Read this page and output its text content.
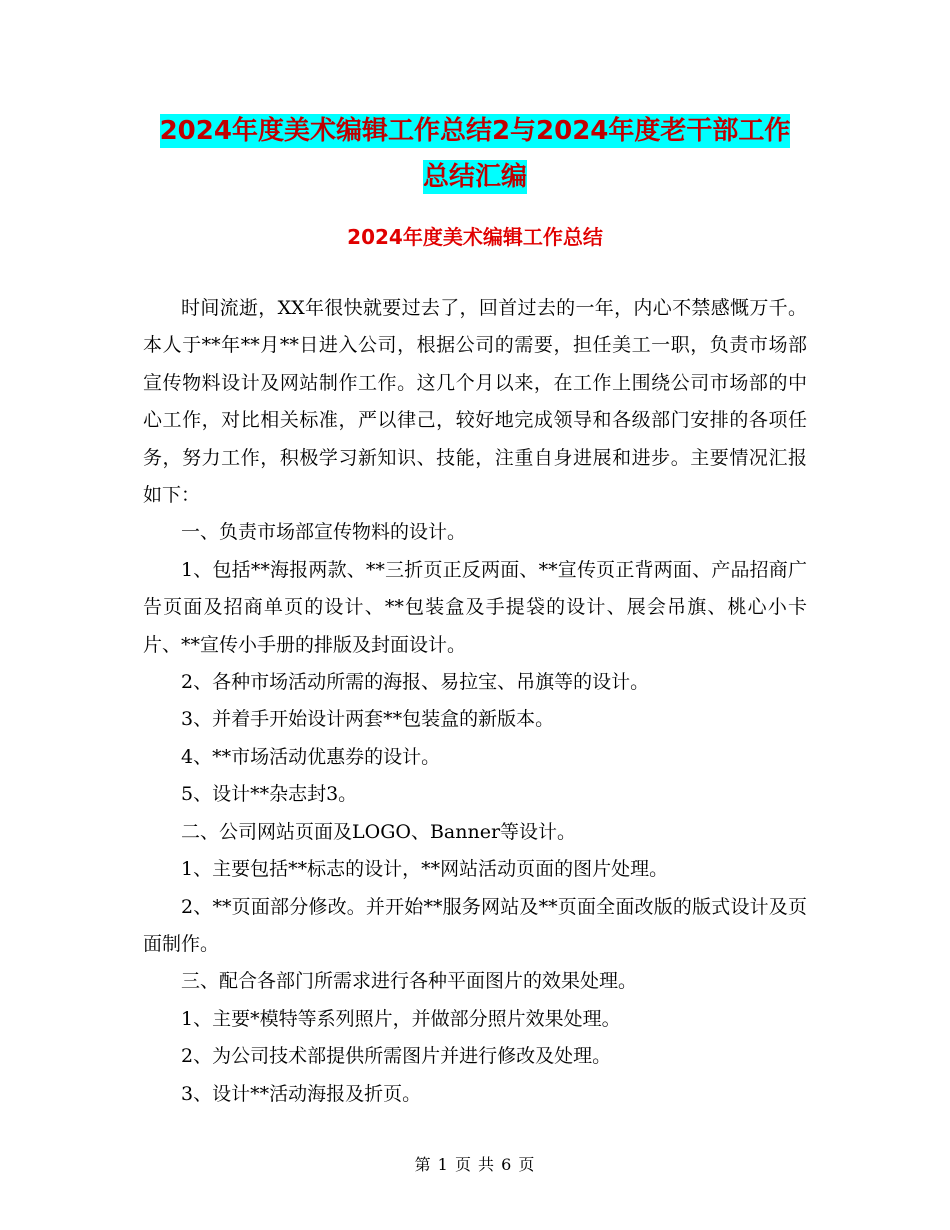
2024年度美术编辑工作总结2与2024年度老干部工作
总结汇编
2024年度美术编辑工作总结

时间流逝，XX年很快就要过去了，回首过去的一年，内心不禁感慨万千。本人于**年**月**日进入公司，根据公司的需要，担任美工一职，负责市场部宣传物料设计及网站制作工作。这几个月以来，在工作上围绕公司市场部的中心工作，对比相关标准，严以律己，较好地完成领导和各级部门安排的各项任务，努力工作，积极学习新知识、技能，注重自身进展和进步。主要情况汇报如下：

一、负责市场部宣传物料的设计。

1、包括**海报两款、**三折页正反两面、**宣传页正背两面、产品招商广告页面及招商单页的设计、**包装盒及手提袋的设计、展会吊旗、桃心小卡片、**宣传小手册的排版及封面设计。

2、各种市场活动所需的海报、易拉宝、吊旗等的设计。

3、并着手开始设计两套**包装盒的新版本。

4、**市场活动优惠券的设计。

5、设计**杂志封3。

二、公司网站页面及LOGO、Banner等设计。

1、主要包括**标志的设计，**网站活动页面的图片处理。

2、**页面部分修改。并开始**服务网站及**页面全面改版的版式设计及页面制作。

三、配合各部门所需求进行各种平面图片的效果处理。

1、主要*模特等系列照片，并做部分照片效果处理。

2、为公司技术部提供所需图片并进行修改及处理。

3、设计**活动海报及折页。

第 1 页 共 6 页
